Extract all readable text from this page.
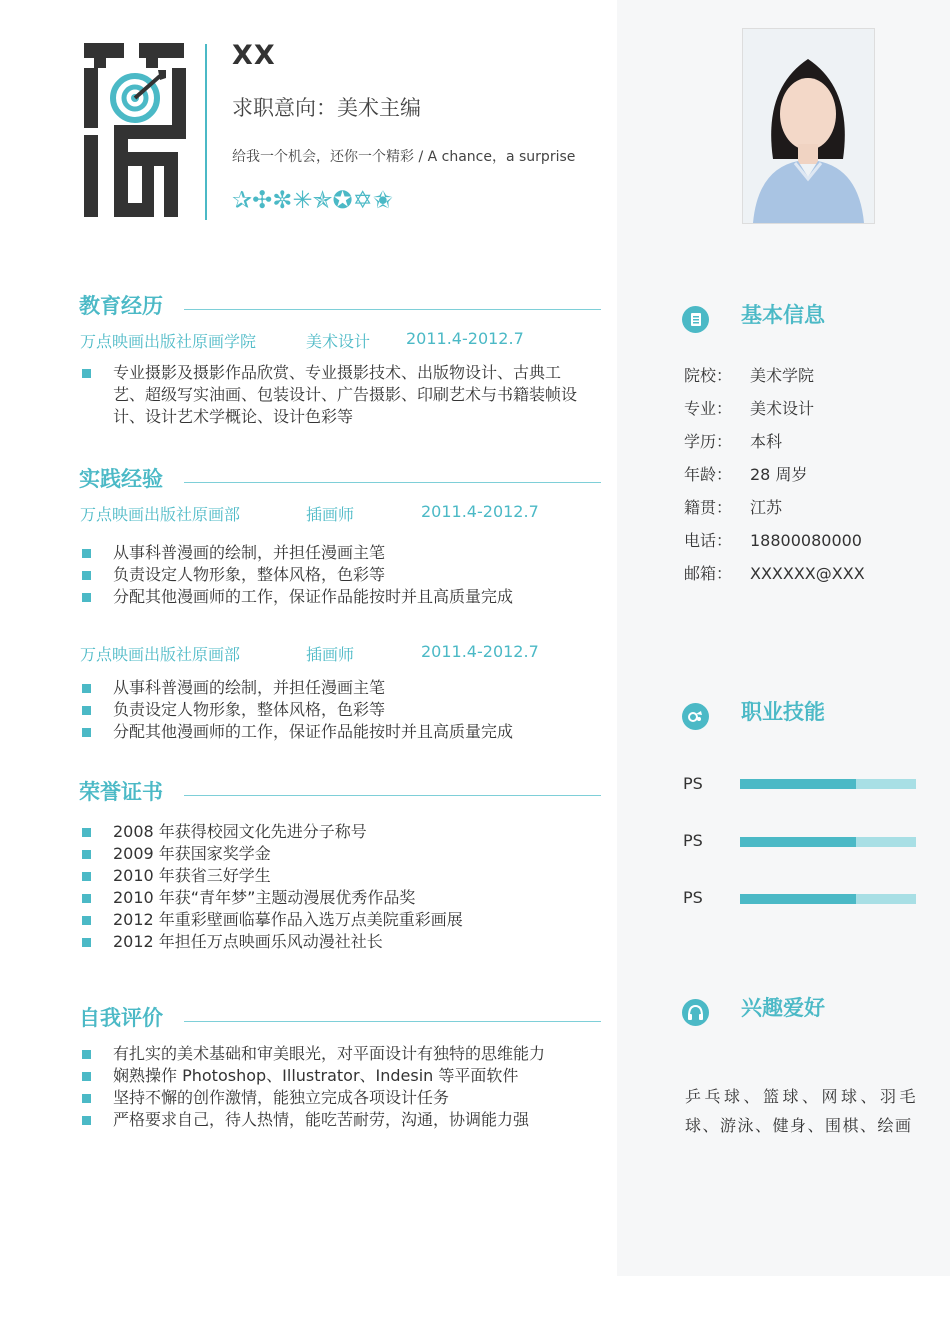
XX
求职意向：美术主编
给我一个机会，还你一个精彩 / A chance，a surprise
✰✣✼✳✯✪✡✬
教育经历
万点映画出版社原画学院	美术设计 2011.4-2012.7
专业摄影及摄影作品欣赏、专业摄影技术、出版物设计、古典工艺、超级写实油画、包装设计、广告摄影、印刷艺术与书籍装帧设计、设计艺术学概论、设计色彩等
实践经验
万点映画出版社原画部	插画师	2011.4-2012.7
从事科普漫画的绘制，并担任漫画主笔
负责设定人物形象，整体风格，色彩等
分配其他漫画师的工作，保证作品能按时并且高质量完成
万点映画出版社原画部	插画师	2011.4-2012.7
从事科普漫画的绘制，并担任漫画主笔
负责设定人物形象，整体风格，色彩等
分配其他漫画师的工作，保证作品能按时并且高质量完成
荣誉证书
2008 年获得校园文化先进分子称号
2009 年获国家奖学金
2010 年获省三好学生
2010 年获“青年梦”主题动漫展优秀作品奖
2012 年重彩壁画临摹作品入选万点美院重彩画展
2012 年担任万点映画乐风动漫社社长
自我评价
有扎实的美术基础和审美眼光，对平面设计有独特的思维能力
娴熟操作 Photoshop、Illustrator、Indesin 等平面软件
坚持不懈的创作激情，能独立完成各项设计任务
严格要求自己，待人热情，能吃苦耐劳，沟通，协调能力强
基本信息
院校： 美术学院
专业： 美术设计
学历： 本科
年龄： 28 周岁
籍贯： 江苏
电话： 18800080000
邮箱： XXXXXX@XXX
职业技能
PS
PS
PS
兴趣爱好
乒乓球、篮球、网球、羽毛球、游泳、健身、围棋、绘画
